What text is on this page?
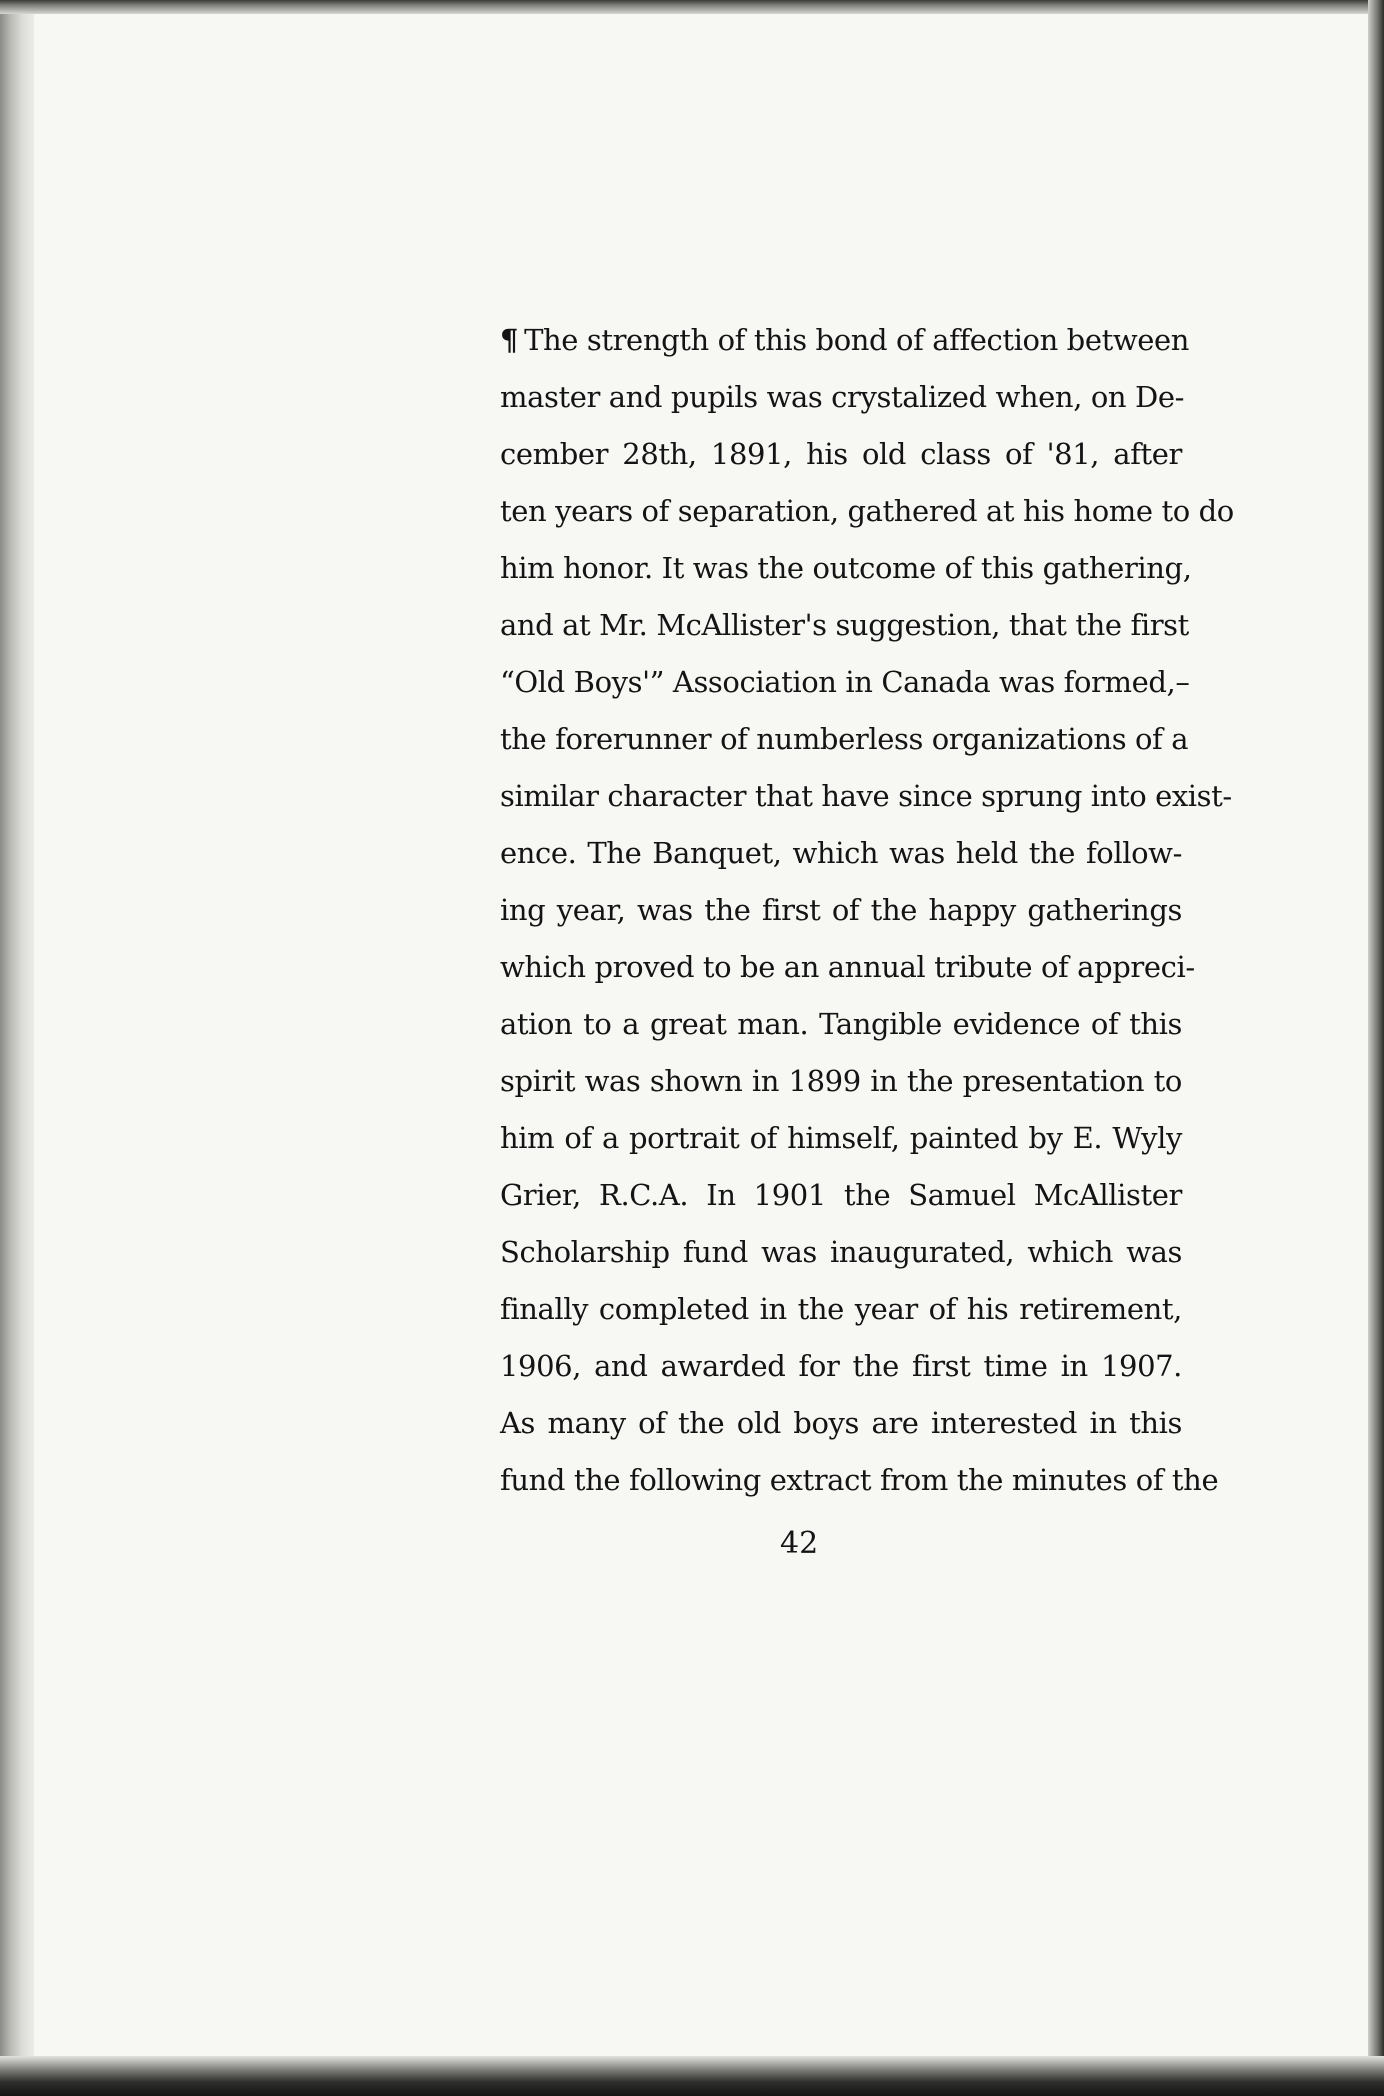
¶ The strength of this bond of affection between
master and pupils was crystalized when, on De-
cember 28th, 1891, his old class of '81, after
ten years of separation, gathered at his home to do
him honor. It was the outcome of this gathering,
and at Mr. McAllister's suggestion, that the first
“Old Boys'” Association in Canada was formed,–
the forerunner of numberless organizations of a
similar character that have since sprung into exist-
ence. The Banquet, which was held the follow-
ing year, was the first of the happy gatherings
which proved to be an annual tribute of appreci-
ation to a great man. Tangible evidence of this
spirit was shown in 1899 in the presentation to
him of a portrait of himself, painted by E. Wyly
Grier, R.C.A. In 1901 the Samuel McAllister
Scholarship fund was inaugurated, which was
finally completed in the year of his retirement,
1906, and awarded for the first time in 1907.
As many of the old boys are interested in this
fund the following extract from the minutes of the
42
